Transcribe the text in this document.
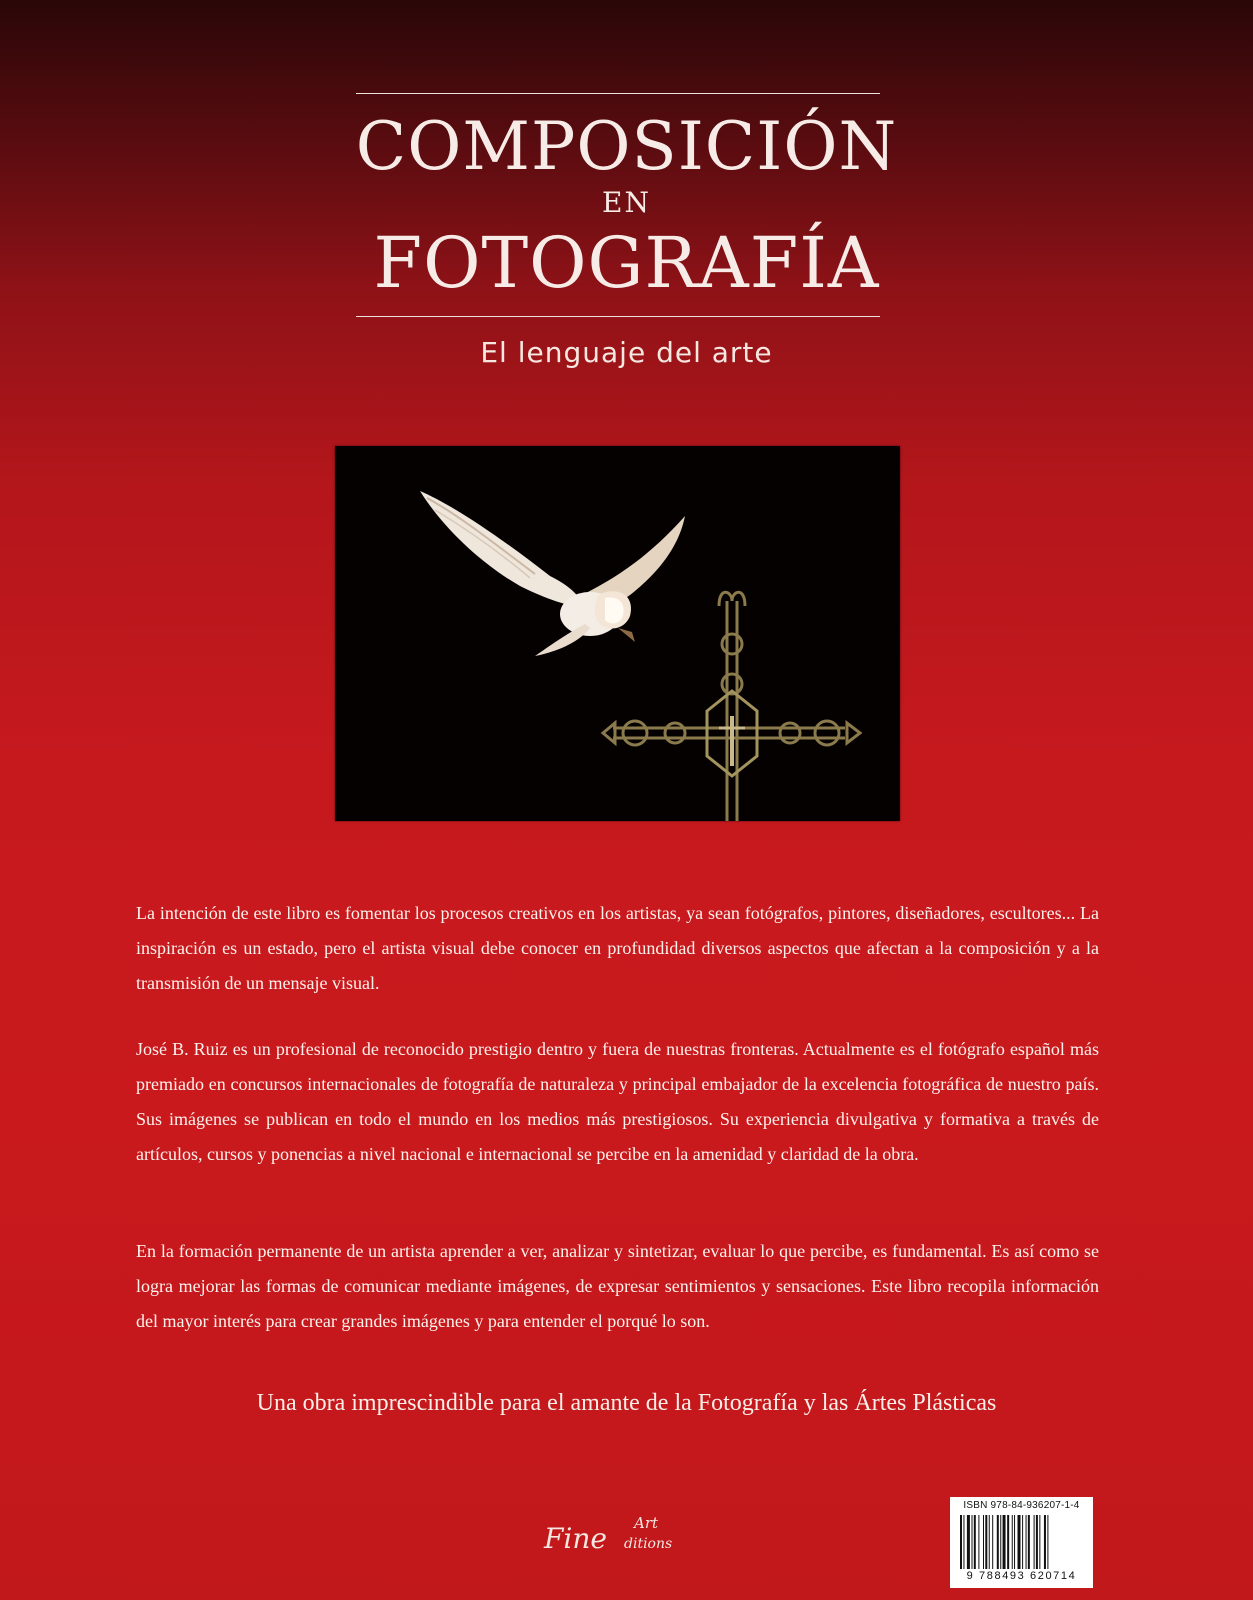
COMPOSICIÓN
EN
FOTOGRAFÍA
El lenguaje del arte
La intención de este libro es fomentar los procesos creativos en los artistas, ya sean fotógrafos, pintores, diseñadores, escultores... La inspiración es un estado, pero el artista visual debe conocer en profundidad diversos aspectos que afectan a la composición y a la transmisión de un mensaje visual.
José B. Ruiz es un profesional de reconocido prestigio dentro y fuera de nuestras fronteras. Actualmente es el fotógrafo español más premiado en concursos internacionales de fotografía de naturaleza y principal embajador de la excelencia fotográfica de nuestro país. Sus imágenes se publican en todo el mundo en los medios más prestigiosos. Su experiencia divulgativa y formativa a través de artículos, cursos y ponencias a nivel nacional e internacional se percibe en la amenidad y claridad de la obra.
En la formación permanente de un artista aprender a ver, analizar y sintetizar, evaluar lo que percibe, es fundamental. Es así como se logra mejorar las formas de comunicar mediante imágenes, de expresar sentimientos y sensaciones. Este libro recopila información del mayor interés para crear grandes imágenes y para entender el porqué lo son.
Una obra imprescindible para el amante de la Fotografía y las Ártes Plásticas
Fine Art
ditions
ISBN 978-84-936207-1-4
9 788493 620714
